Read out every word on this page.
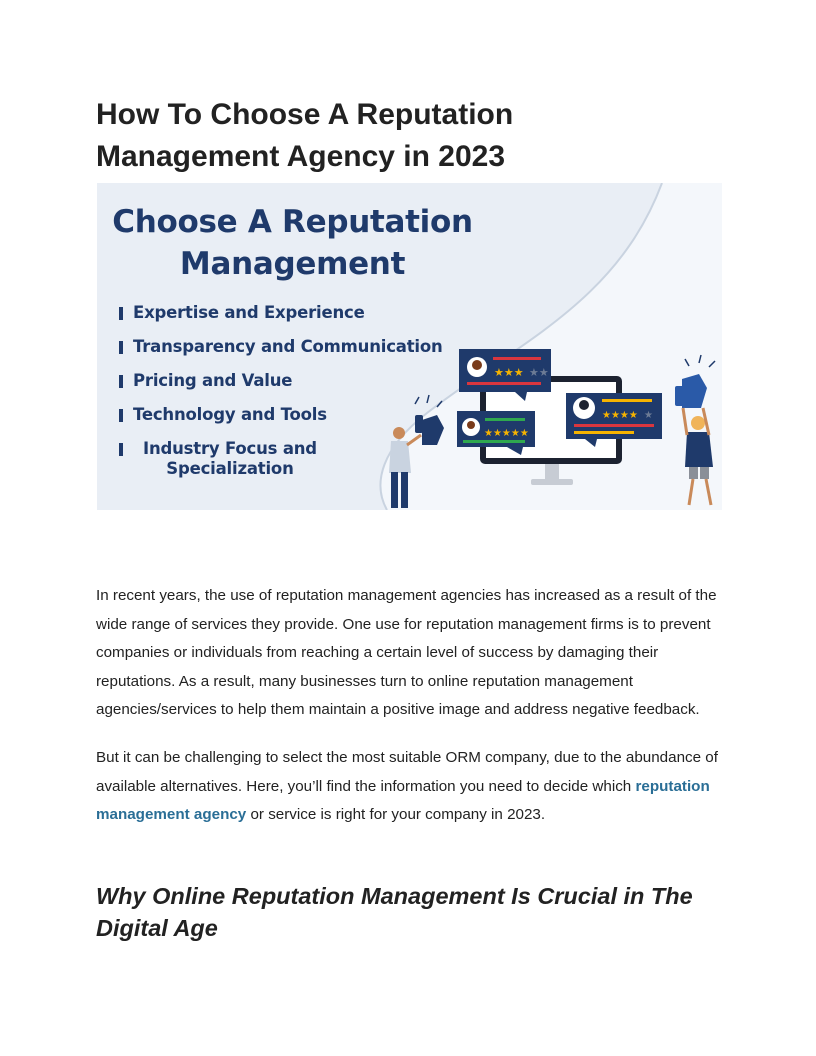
How To Choose A Reputation Management Agency in 2023
★★★ ★★
★★★★★
★★★★ ★
Choose A Reputation
Management
Expertise and Experience
Transparency and Communication
Pricing and Value
Technology and Tools
Industry Focus and
Specialization

In recent years, the use of reputation management agencies has increased as a result of the wide range of services they provide. One use for reputation management firms is to prevent companies or individuals from reaching a certain level of success by damaging their reputations. As a result, many businesses turn to online reputation management agencies/services to help them maintain a positive image and address negative feedback.

But it can be challenging to select the most suitable ORM company, due to the abundance of available alternatives. Here, you’ll find the information you need to decide which reputation management agency or service is right for your company in 2023.

Why Online Reputation Management Is Crucial in The Digital Age
